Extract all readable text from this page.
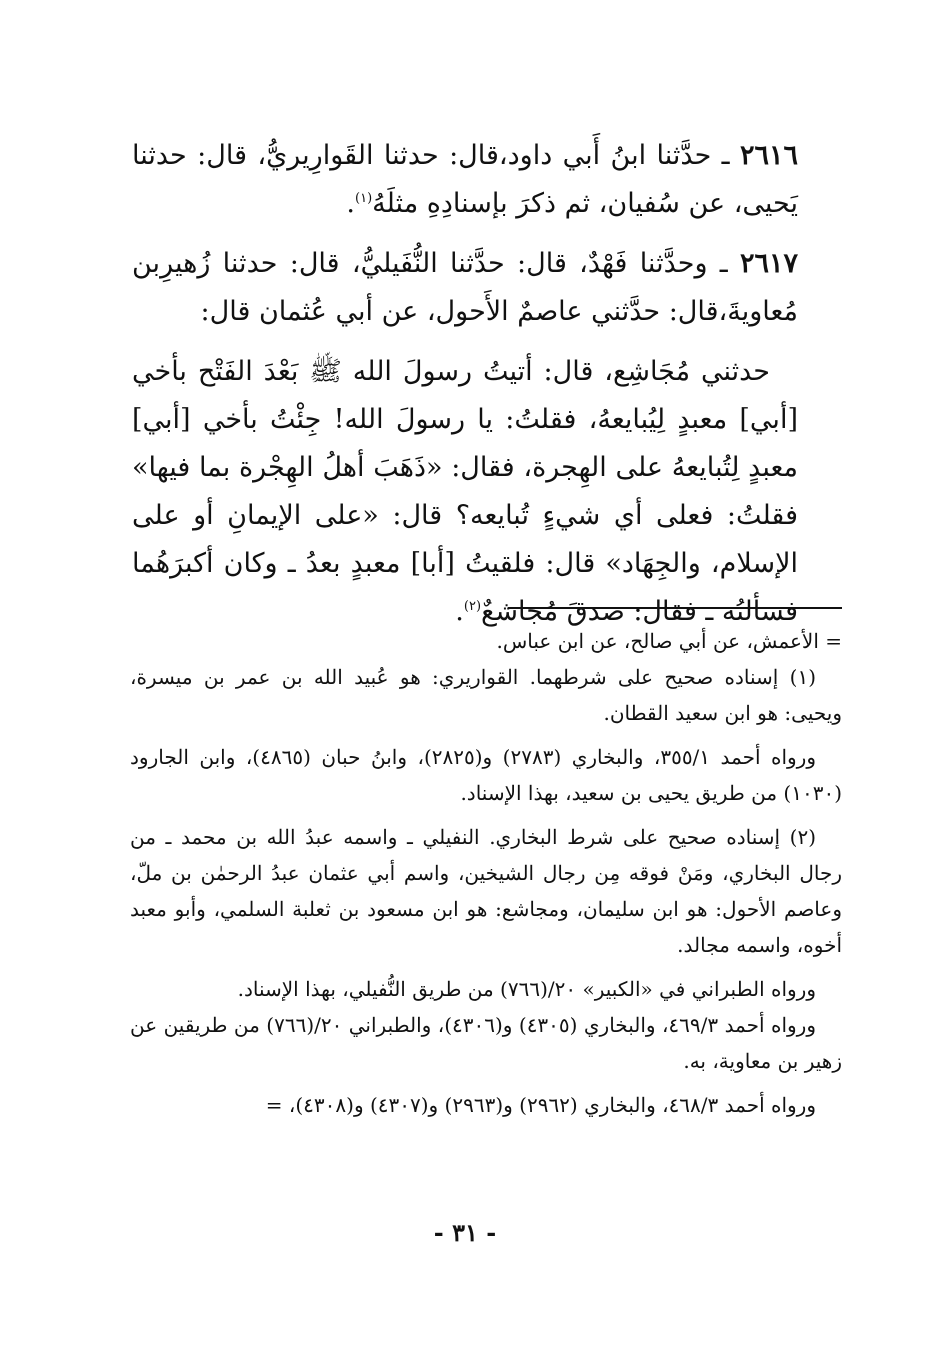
٢٦١٦ ـ حدَّثنا ابنُ أَبي داود،قال: حدثنا القَوارِيريُّ، قال: حدثنا يَحيى، عن سُفيان، ثم ذكرَ بإسنادِهِ مثلَهُ$^{(١)}$.

٢٦١٧ ـ وحدَّثنا فَهْدٌ، قال: حدَّثنا النُّفَيليُّ، قال: حدثنا زُهيرِبن مُعاويةَ،قال: حدَّثني عاصمٌ الأَحول، عن أبي عُثمان قال:

حدثني مُجَاشِع، قال: أتيتُ رسولَ الله ﷺ بَعْدَ الفَتْح بأخي [أبي] معبدٍ لِيُبايعهُ، فقلتُ: يا رسولَ الله! جِئْتُ بأخي [أبي] معبدٍ لِتُبايعهُ على الهِجرة، فقال: «ذَهَبَ أهلُ الهِجْرة بما فيها» فقلتُ: فعلى أي شيءٍ تُبايعه؟ قال: «على الإيمانِ أو على الإسلام، والجِهَاد» قال: فلقيتُ [أبا] معبدٍ بعدُ ـ وكان أكبرَهُما فسألتُه ـ فقال: صدقَ مُجاشعٌ$^{(٢)}$.

= الأعمش، عن أبي صالح، عن ابن عباس.

(١) إسناده صحيح على شرطهما. القواريري: هو عُبيد الله بن عمر بن ميسرة، ويحيى: هو ابن سعيد القطان.

ورواه أحمد ٣٥٥/١، والبخاري (٢٧٨٣) و(٢٨٢٥)، وابنُ حبان (٤٨٦٥)، وابن الجارود (١٠٣٠) من طريق يحيى بن سعيد، بهذا الإسناد.

(٢) إسناده صحيح على شرط البخاري. النفيلي ـ واسمه عبدُ الله بن محمد ـ من رجال البخاري، ومَنْ فوقه مِن رجال الشيخين، واسم أبي عثمان عبدُ الرحمٰن بن ملّ، وعاصم الأحول: هو ابن سليمان، ومجاشع: هو ابن مسعود بن ثعلبة السلمي، وأبو معبد أخوه، واسمه مجالد.

ورواه الطبراني في «الكبير» ٢٠/(٧٦٦) من طريق النُّفيلي، بهذا الإسناد.

ورواه أحمد ٤٦٩/٣، والبخاري (٤٣٠٥) و(٤٣٠٦)، والطبراني ٢٠/(٧٦٦) من طريقين عن زهير بن معاوية، به.

ورواه أحمد ٤٦٨/٣، والبخاري (٢٩٦٢) و(٢٩٦٣) و(٤٣٠٧) و(٤٣٠٨)، =

- ٣١ -
